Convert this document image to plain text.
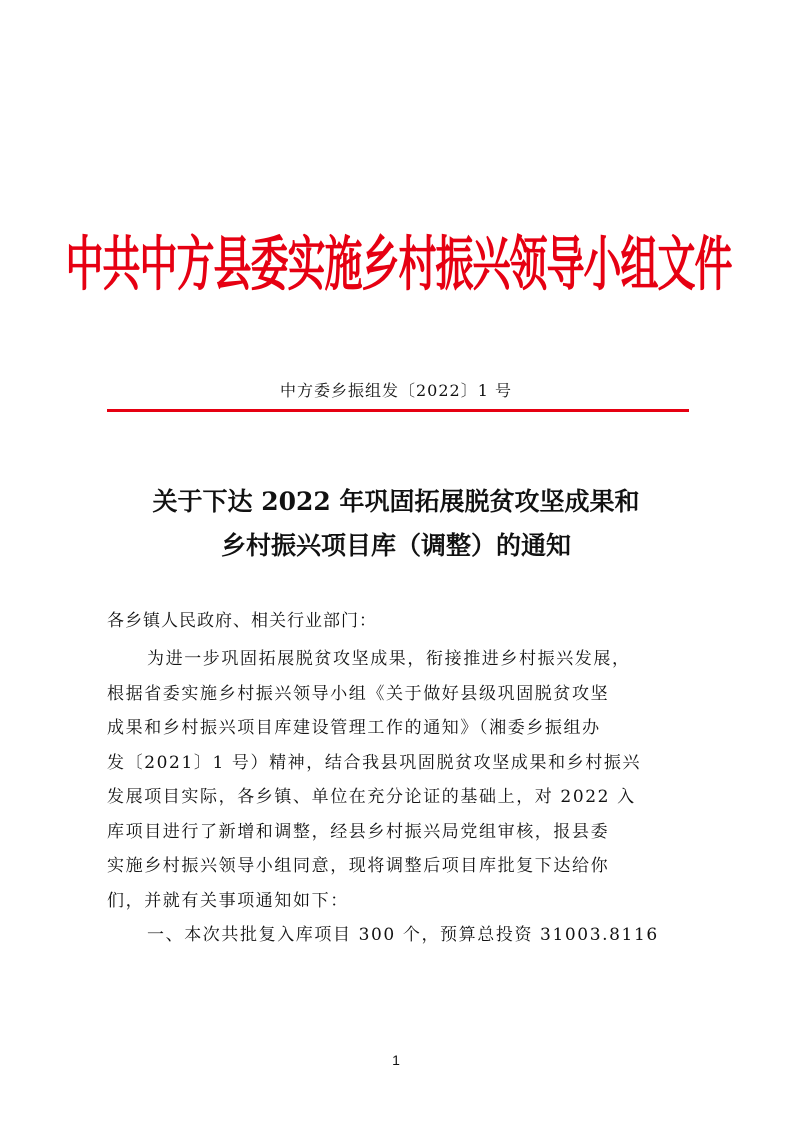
中共中方县委实施乡村振兴领导小组文件
中方委乡振组发〔2022〕1 号
关于下达 2022 年巩固拓展脱贫攻坚成果和
乡村振兴项目库（调整）的通知
各乡镇人民政府、相关行业部门：
为进一步巩固拓展脱贫攻坚成果，衔接推进乡村振兴发展，
根据省委实施乡村振兴领导小组《关于做好县级巩固脱贫攻坚
成果和乡村振兴项目库建设管理工作的通知》（湘委乡振组办
发〔2021〕1 号）精神，结合我县巩固脱贫攻坚成果和乡村振兴
发展项目实际，各乡镇、单位在充分论证的基础上，对 2022 入
库项目进行了新增和调整，经县乡村振兴局党组审核，报县委
实施乡村振兴领导小组同意，现将调整后项目库批复下达给你
们，并就有关事项通知如下：
一、本次共批复入库项目 300 个，预算总投资 31003.8116
1
